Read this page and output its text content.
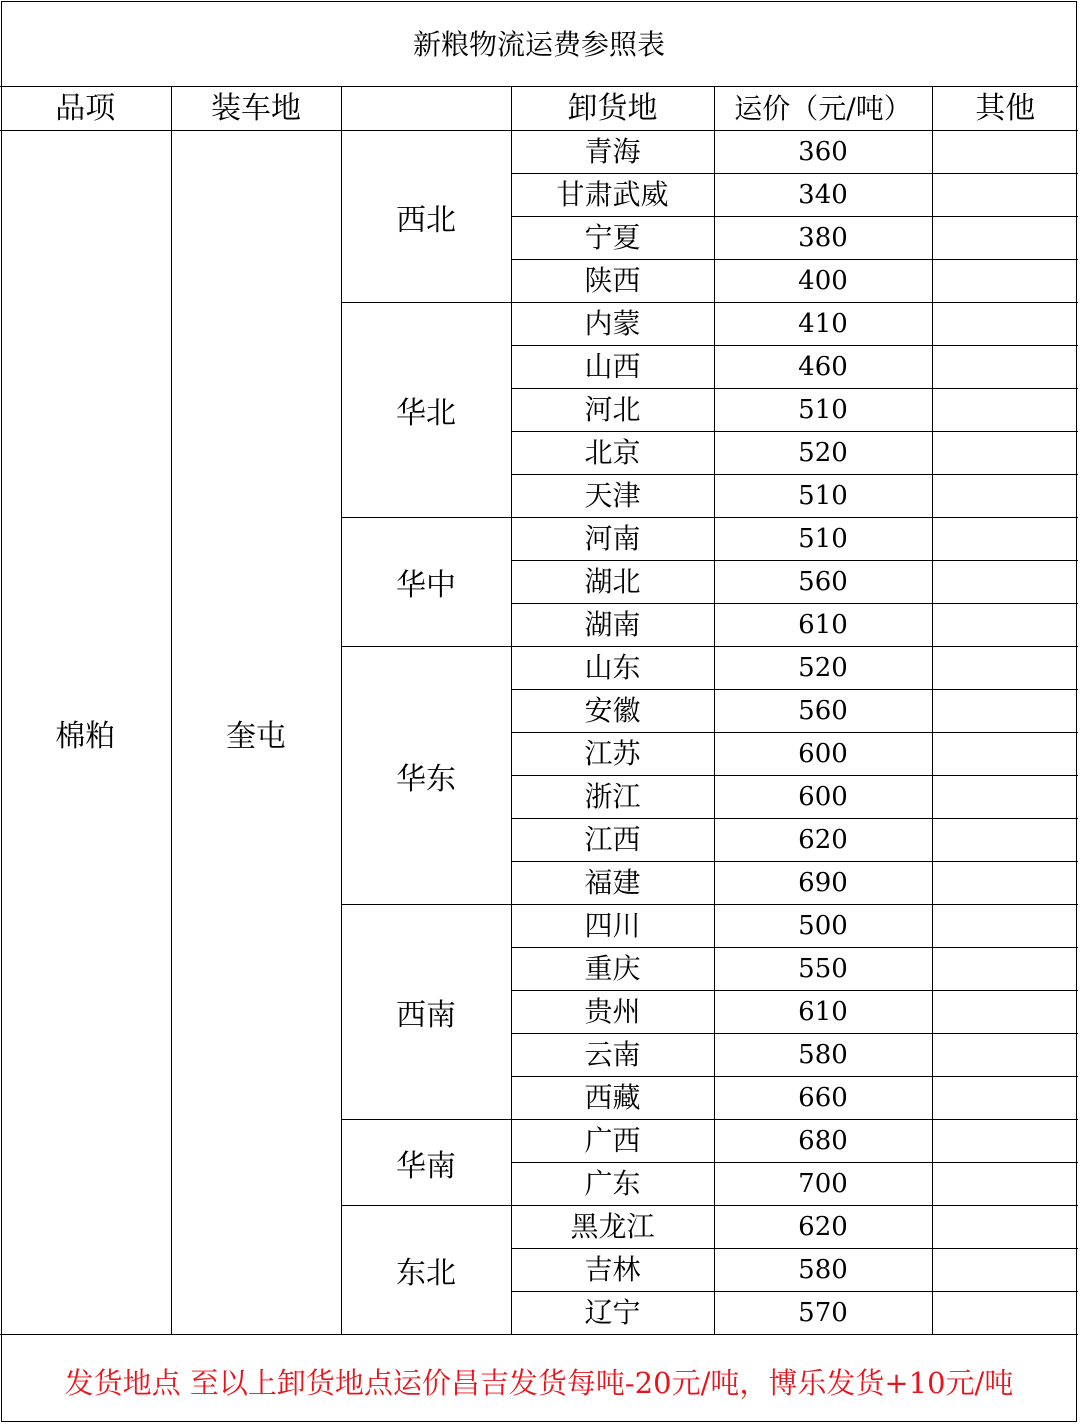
新粮物流运费参照表
品项	装车地		卸货地	运价（元/吨）	其他
棉粕	奎屯	西北	青海	360	
			甘肃武威	340	
			宁夏	380	
			陕西	400	
		华北	内蒙	410	
			山西	460	
			河北	510	
			北京	520	
			天津	510	
		华中	河南	510	
			湖北	560	
			湖南	610	
		华东	山东	520	
			安徽	560	
			江苏	600	
			浙江	600	
			江西	620	
			福建	690	
		西南	四川	500	
			重庆	550	
			贵州	610	
			云南	580	
			西藏	660	
		华南	广西	680	
			广东	700	
		东北	黑龙江	620	
			吉林	580	
			辽宁	570	
发货地点 至以上卸货地点运价昌吉发货每吨-20元/吨，博乐发货+10元/吨
